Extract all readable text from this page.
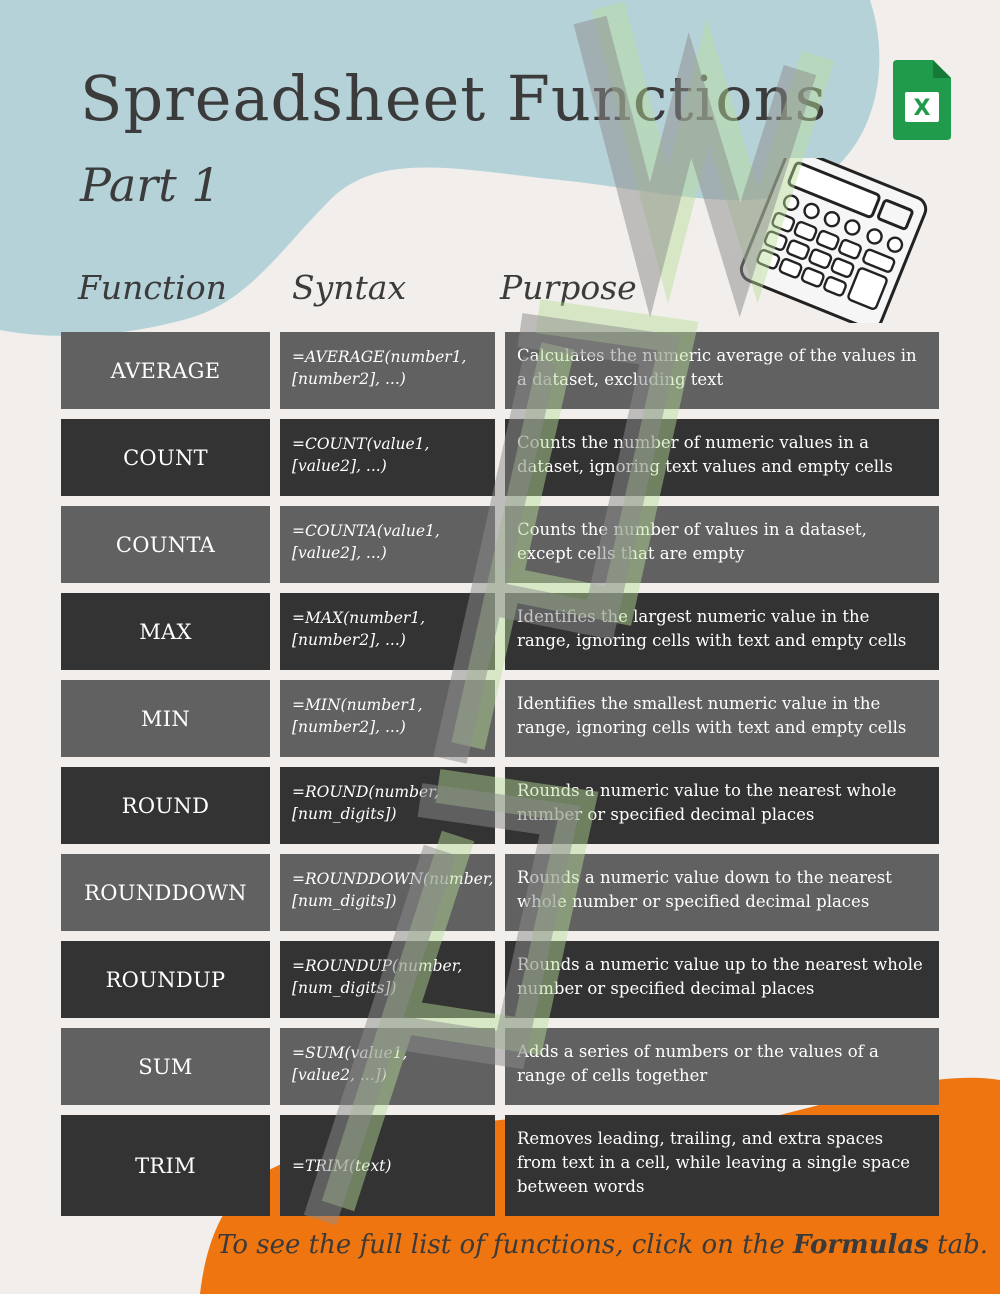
Spreadsheet Functions
Part 1
X
Function Syntax	Purpose
AVERAGE
=AVERAGE(number1,
[number2], ...)
Calculates the numeric average of the values in a dataset, excluding text
COUNT
=COUNT(value1,
[value2], ...)
Counts the number of numeric values in a dataset, ignoring text values and empty cells
COUNTA
=COUNTA(value1,
[value2], ...)
Counts the number of values in a dataset, except cells that are empty
MAX
=MAX(number1,
[number2], ...)
Identifies the largest numeric value in the range, ignoring cells with text and empty cells
MIN
=MIN(number1,
[number2], ...)
Identifies the smallest numeric value in the range, ignoring cells with text and empty cells
ROUND
=ROUND(number,
[num_digits])
Rounds a numeric value to the nearest whole number or specified decimal places
ROUNDDOWN
=ROUNDDOWN(number,
[num_digits])
Rounds a numeric value down to the nearest whole number or specified decimal places
ROUNDUP
=ROUNDUP(number,
[num_digits])
Rounds a numeric value up to the nearest whole number or specified decimal places
SUM
=SUM(value1,
[value2, ...])
Adds a series of numbers or the values of a range of cells together
TRIM	=TRIM(text)
Removes leading, trailing, and extra spaces from text in a cell, while leaving a single space between words

To see the full list of functions, click on the Formulas tab.
